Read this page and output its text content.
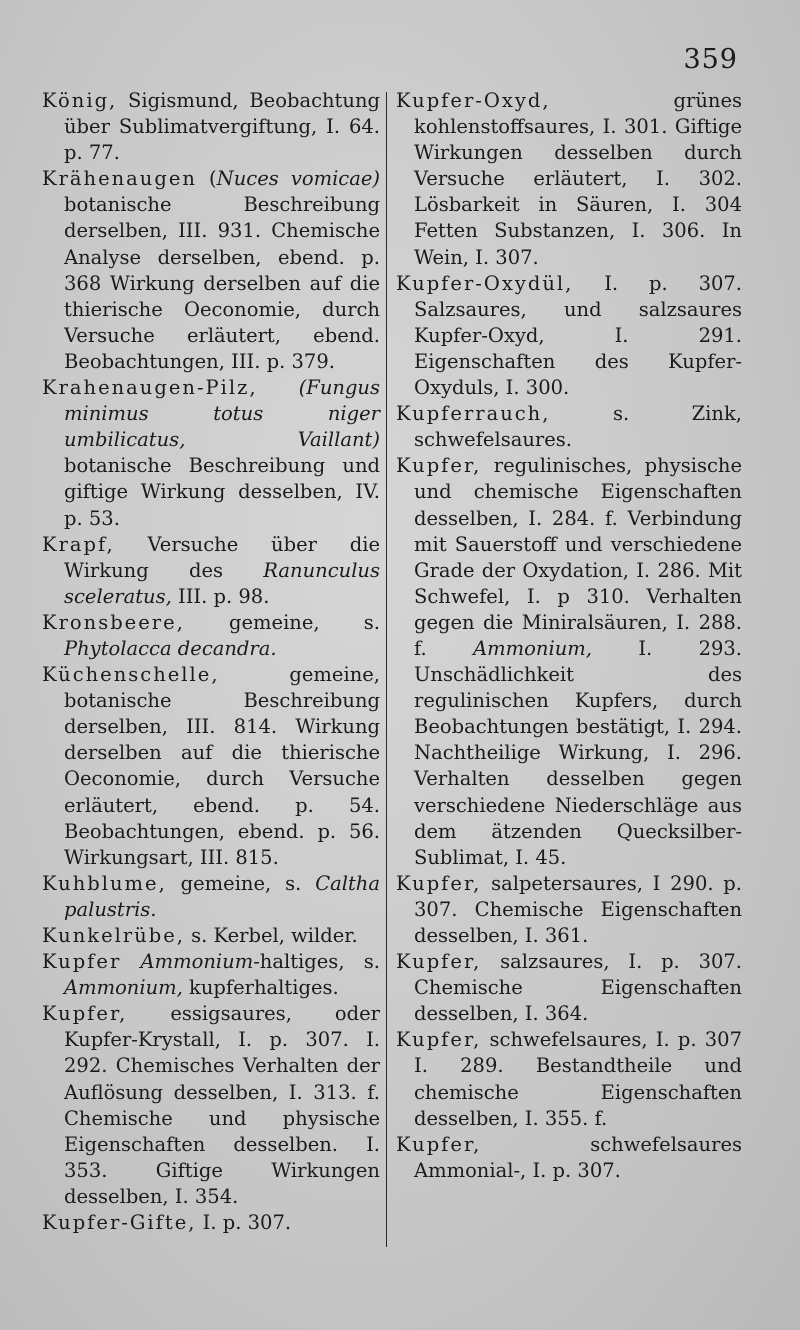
359
König, Sigismund, Beobachtung über Sublimatvergiftung, I. 64. p. 77.
Krähenaugen (Nuces vomicae) botanische Beschreibung derselben, III. 931. Chemische Analyse derselben, ebend. p. 368 Wirkung derselben auf die thierische Oeconomie, durch Versuche erläutert, ebend. Beobachtungen, III. p. 379.
Krahenaugen-Pilz, (Fungus minimus totus niger umbilicatus, Vaillant) botanische Beschreibung und giftige Wirkung desselben, IV. p. 53.
Krapf, Versuche über die Wirkung des Ranunculus sceleratus, III. p. 98.
Kronsbeere, gemeine, s. Phytolacca decandra.
Küchenschelle, gemeine, botanische Beschreibung derselben, III. 814. Wirkung derselben auf die thierische Oeconomie, durch Versuche erläutert, ebend. p. 54. Beobachtungen, ebend. p. 56. Wirkungsart, III. 815.
Kuhblume, gemeine, s. Caltha palustris.
Kunkelrübe, s. Kerbel, wilder.
Kupfer Ammonium-haltiges, s. Ammonium, kupferhaltiges.
Kupfer, essigsaures, oder Kupfer-Krystall, I. p. 307. I. 292. Chemisches Verhalten der Auflösung desselben, I. 313. f. Chemische und physische Eigenschaften desselben. I. 353. Giftige Wirkungen desselben, I. 354.
Kupfer-Gifte, I. p. 307.
Kupfer-Oxyd, grünes kohlenstoffsaures, I. 301. Giftige Wirkungen desselben durch Versuche erläutert, I. 302. Lösbarkeit in Säuren, I. 304 Fetten Substanzen, I. 306. In Wein, I. 307.
Kupfer-Oxydül, I. p. 307. Salzsaures, und salzsaures Kupfer-Oxyd, I. 291. Eigenschaften des Kupfer-Oxyduls, I. 300.
Kupferrauch, s. Zink, schwefelsaures.
Kupfer, regulinisches, physische und chemische Eigenschaften desselben, I. 284. f. Verbindung mit Sauerstoff und verschiedene Grade der Oxydation, I. 286. Mit Schwefel, I. p 310. Verhalten gegen die Miniralsäuren, I. 288. f. Ammonium, I. 293. Unschädlichkeit des regulinischen Kupfers, durch Beobachtungen bestätigt, I. 294. Nachtheilige Wirkung, I. 296. Verhalten desselben gegen verschiedene Niederschläge aus dem ätzenden Quecksilber-Sublimat, I. 45.
Kupfer, salpetersaures, I 290. p. 307. Chemische Eigenschaften desselben, I. 361.
Kupfer, salzsaures, I. p. 307. Chemische Eigenschaften desselben, I. 364.
Kupfer, schwefelsaures, I. p. 307 I. 289. Bestandtheile und chemische Eigenschaften desselben, I. 355. f.
Kupfer, schwefelsaures Ammonial-, I. p. 307.
